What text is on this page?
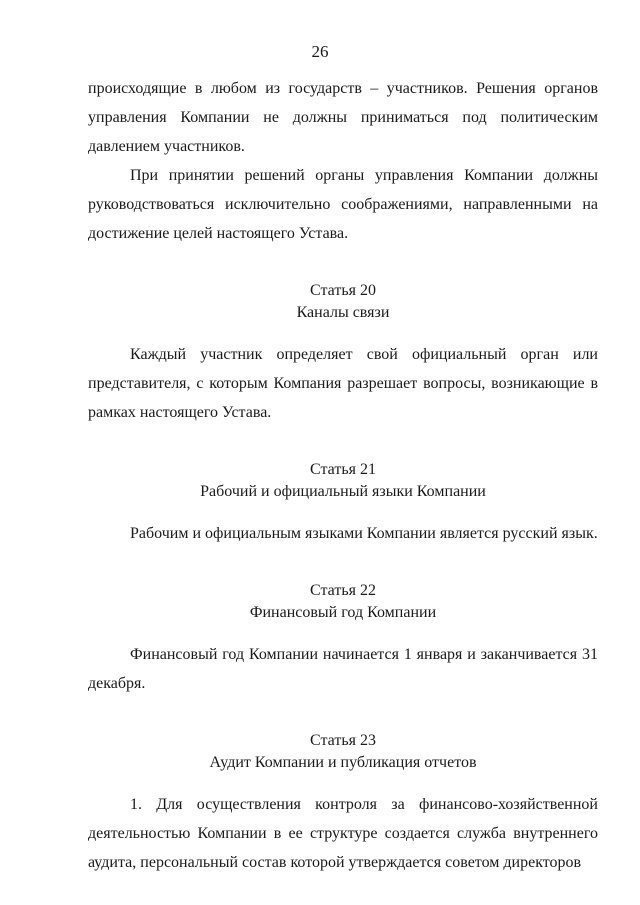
26

происходящие в любом из государств – участников. Решения органов управления Компании не должны приниматься под политическим давлением участников.

При принятии решений органы управления Компании должны руководствоваться исключительно соображениями, направленными на достижение целей настоящего Устава.

Статья 20

Каналы связи

Каждый участник определяет свой официальный орган или представителя, с которым Компания разрешает вопросы, возникающие в рамках настоящего Устава.

Статья 21

Рабочий и официальный языки Компании

Рабочим и официальным языками Компании является русский язык.

Статья 22

Финансовый год Компании

Финансовый год Компании начинается 1 января и заканчивается 31 декабря.

Статья 23

Аудит Компании и публикация отчетов

1. Для осуществления контроля за финансово-хозяйственной деятельностью Компании в ее структуре создается служба внутреннего аудита, персональный состав которой утверждается советом директоров
